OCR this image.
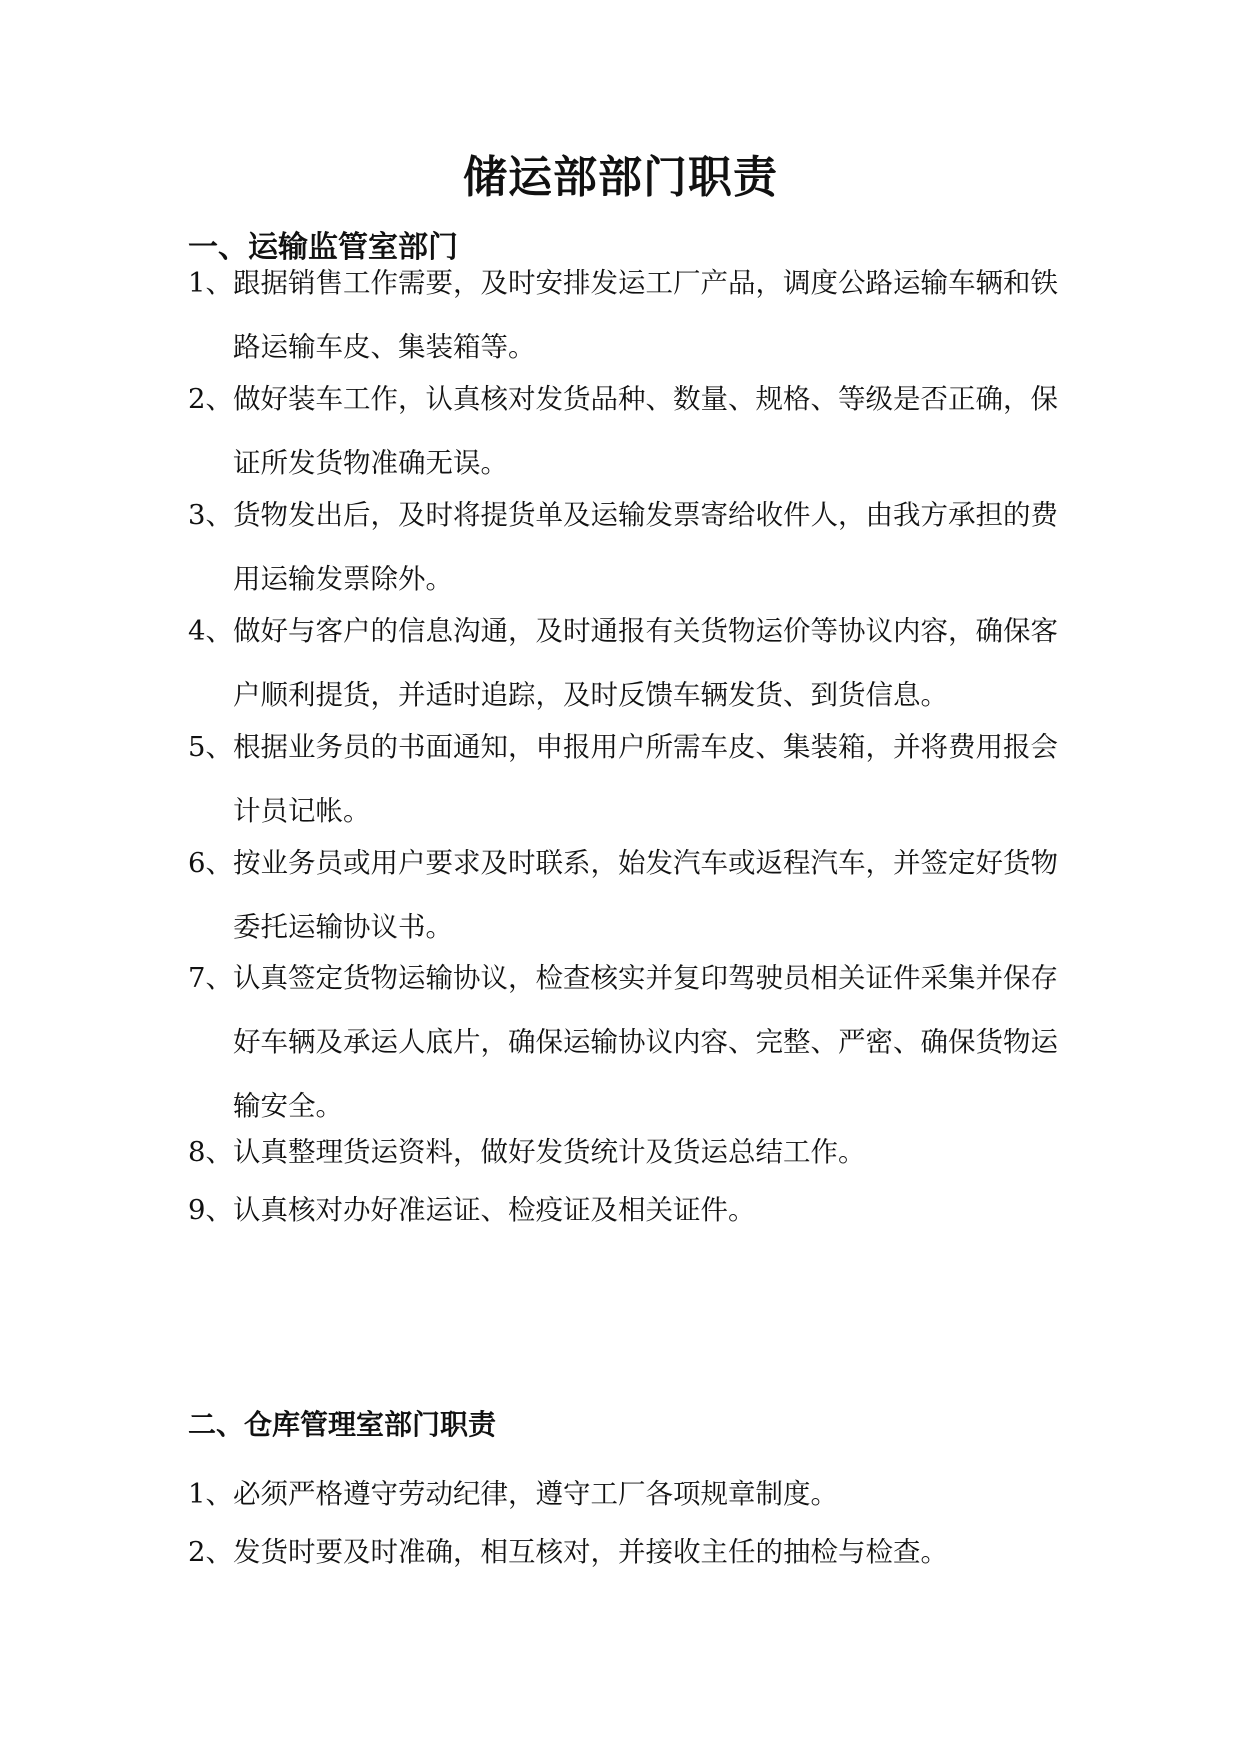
储运部部门职责
一、运输监管室部门
1、 跟据销售工作需要，及时安排发运工厂产品，调度公路运输车辆和铁路运输车皮、集装箱等。
2、 做好装车工作，认真核对发货品种、数量、规格、等级是否正确，保证所发货物准确无误。
3、 货物发出后，及时将提货单及运输发票寄给收件人，由我方承担的费用运输发票除外。
4、 做好与客户的信息沟通，及时通报有关货物运价等协议内容，确保客户顺利提货，并适时追踪，及时反馈车辆发货、到货信息。
5、 根据业务员的书面通知，申报用户所需车皮、集装箱，并将费用报会计员记帐。
6、 按业务员或用户要求及时联系，始发汽车或返程汽车，并签定好货物委托运输协议书。
7、 认真签定货物运输协议，检查核实并复印驾驶员相关证件采集并保存好车辆及承运人底片，确保运输协议内容、完整、严密、确保货物运输安全。
8、 认真整理货运资料，做好发货统计及货运总结工作。
9、 认真核对办好准运证、检疫证及相关证件。
二、仓库管理室部门职责
1、 必须严格遵守劳动纪律，遵守工厂各项规章制度。
2、 发货时要及时准确，相互核对，并接收主任的抽检与检查。
